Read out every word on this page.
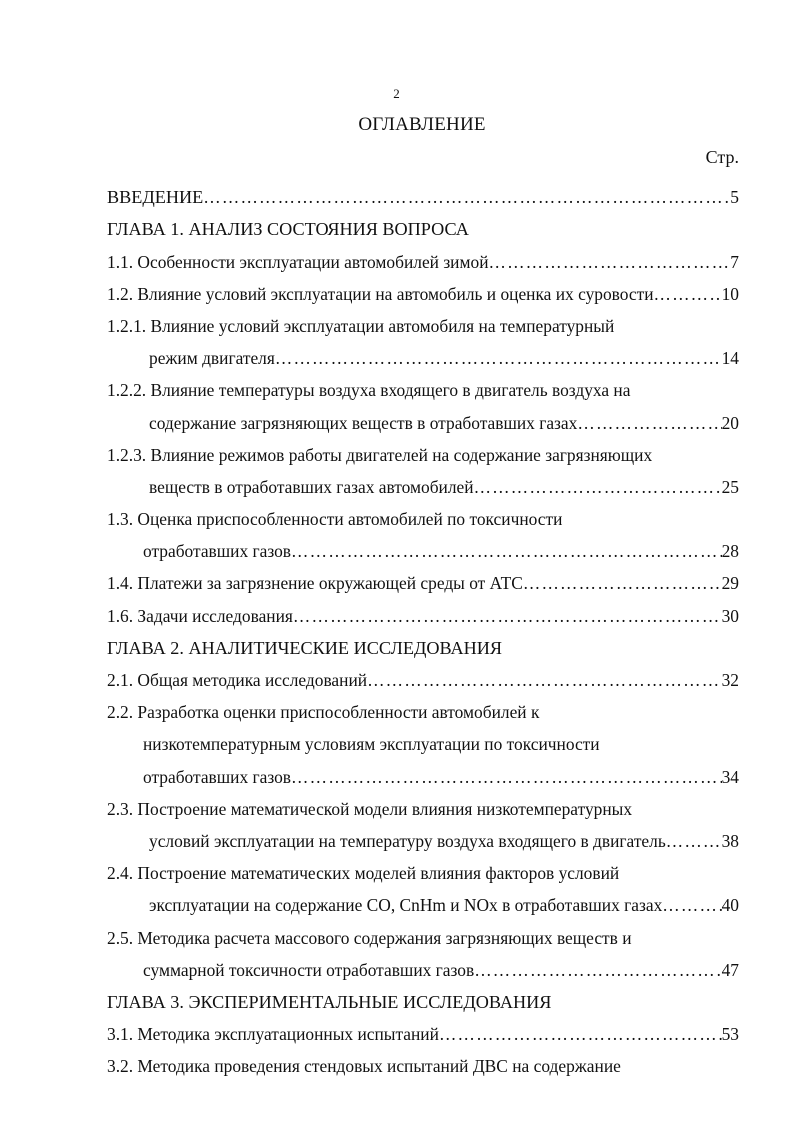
2
ОГЛАВЛЕНИЕ
Стр.
ВВЕДЕНИЕ ……………………………………………………………………………………………………………………………………………………	5
ГЛАВА 1. АНАЛИЗ СОСТОЯНИЯ ВОПРОСА
1.1. Особенности эксплуатации автомобилей зимой ……………………………………………………………………………………………………………………………………………………	7
1.2. Влияние условий эксплуатации на автомобиль и оценка их суровости ……………………………………………………………………………………………………………………………………………………	10
1.2.1. Влияние условий эксплуатации автомобиля на температурный
режим двигателя ……………………………………………………………………………………………………………………………………………………	14
1.2.2. Влияние температуры воздуха входящего в двигатель воздуха на
содержание загрязняющих веществ в отработавших газах ……………………………………………………………………………………………………………………………………………………	20
1.2.3. Влияние режимов работы двигателей на содержание загрязняющих
веществ в отработавших газах автомобилей ……………………………………………………………………………………………………………………………………………………	25
1.3. Оценка приспособленности автомобилей по токсичности
отработавших газов ……………………………………………………………………………………………………………………………………………………	28
1.4. Платежи за загрязнение окружающей среды от АТС ……………………………………………………………………………………………………………………………………………………	29
1.6. Задачи исследования ……………………………………………………………………………………………………………………………………………………	30
ГЛАВА 2. АНАЛИТИЧЕСКИЕ ИССЛЕДОВАНИЯ
2.1. Общая методика исследований ……………………………………………………………………………………………………………………………………………………	32
2.2. Разработка оценки приспособленности автомобилей к
низкотемпературным условиям эксплуатации по токсичности
отработавших газов ……………………………………………………………………………………………………………………………………………………	34
2.3. Построение математической модели влияния низкотемпературных
условий эксплуатации на температуру воздуха входящего в двигатель ……………………………………………………………………………………………………………………………………………………	38
2.4. Построение математических моделей влияния факторов условий
эксплуатации на содержание CO, CnHm и NOx в отработавших газах ……………………………………………………………………………………………………………………………………………………	40
2.5. Методика расчета массового содержания загрязняющих веществ и
суммарной токсичности отработавших газов ……………………………………………………………………………………………………………………………………………………	47
ГЛАВА 3. ЭКСПЕРИМЕНТАЛЬНЫЕ ИССЛЕДОВАНИЯ
3.1. Методика эксплуатационных испытаний ……………………………………………………………………………………………………………………………………………………	53
3.2. Методика проведения стендовых испытаний ДВС на содержание
